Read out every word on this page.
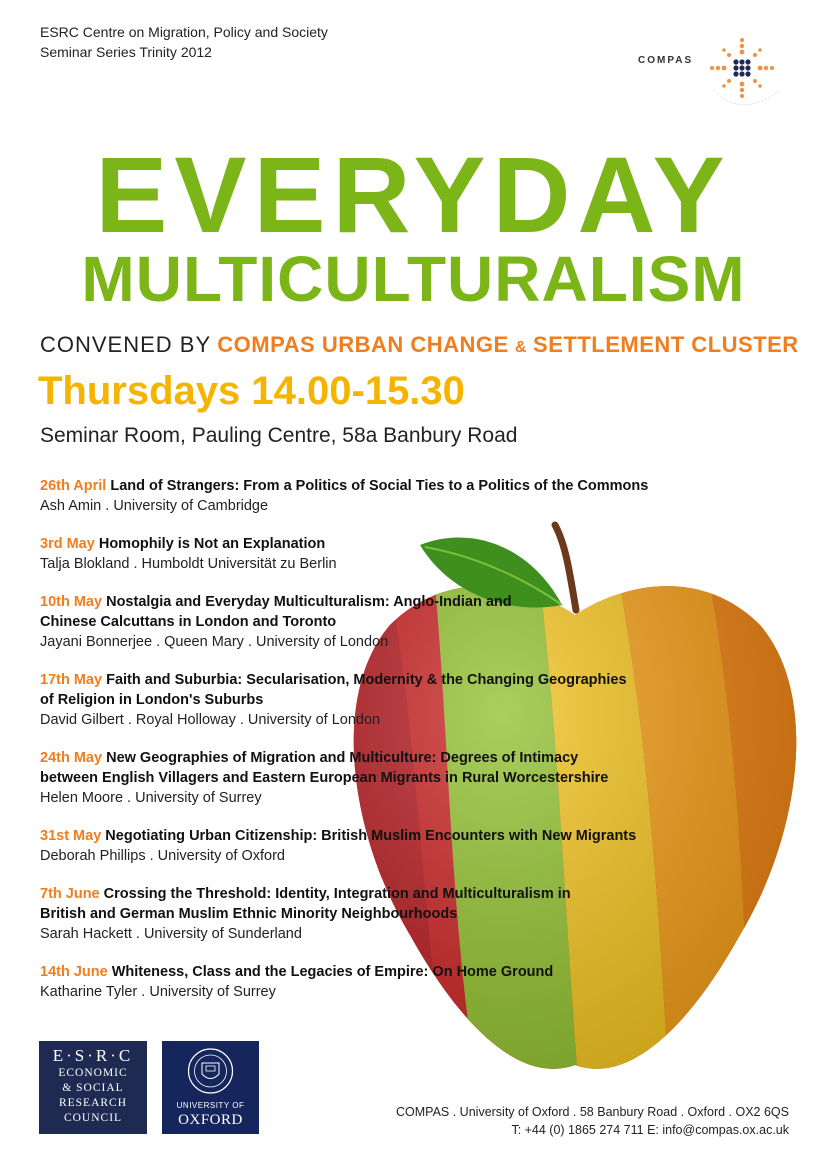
ESRC Centre on Migration, Policy and Society
Seminar Series Trinity 2012
COMPAS
EVERYDAY
MULTICULTURALISM
CONVENED BY COMPAS URBAN CHANGE & SETTLEMENT CLUSTER
Thursdays 14.00-15.30
Seminar Room, Pauling Centre, 58a Banbury Road
26th April Land of Strangers: From a Politics of Social Ties to a Politics of the Commons
Ash Amin . University of Cambridge
3rd May Homophily is Not an Explanation
Talja Blokland . Humboldt Universität zu Berlin
10th May Nostalgia and Everyday Multiculturalism: Anglo-Indian and
Chinese Calcuttans in London and Toronto
Jayani Bonnerjee . Queen Mary . University of London
17th May Faith and Suburbia: Secularisation, Modernity & the Changing Geographies
of Religion in London's Suburbs
David Gilbert . Royal Holloway . University of London
24th May New Geographies of Migration and Multiculture: Degrees of Intimacy
between English Villagers and Eastern European Migrants in Rural Worcestershire
Helen Moore . University of Surrey
31st May Negotiating Urban Citizenship: British Muslim Encounters with New Migrants
Deborah Phillips . University of Oxford
7th June Crossing the Threshold: Identity, Integration and Multiculturalism in
British and German Muslim Ethnic Minority Neighbourhoods
Sarah Hackett . University of Sunderland
14th June Whiteness, Class and the Legacies of Empire: On Home Ground
Katharine Tyler . University of Surrey
E·S·R·C
ECONOMIC
& SOCIAL
RESEARCH
COUNCIL
UNIVERSITY OF
OXFORD	COMPAS . University of Oxford . 58 Banbury Road . Oxford . OX2 6QS
T: +44 (0) 1865 274 711 E: info@compas.ox.ac.uk
